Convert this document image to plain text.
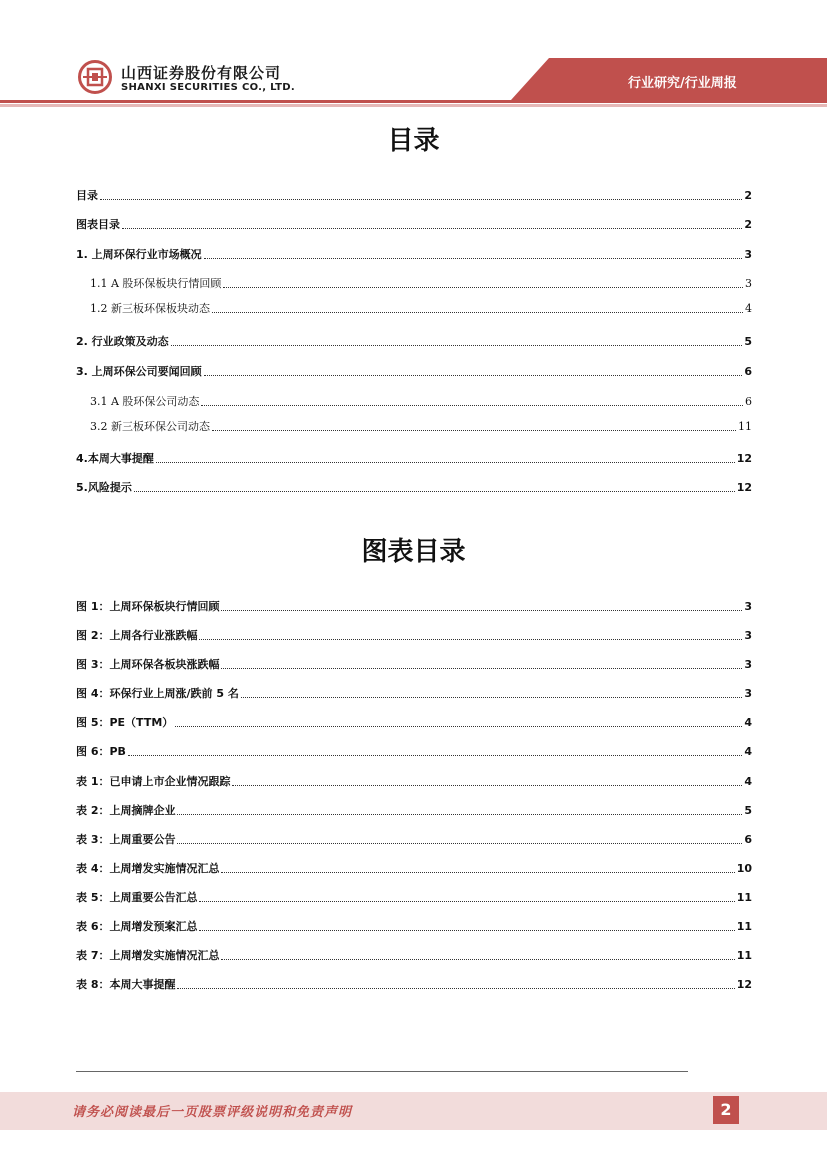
山西证券股份有限公司
SHANXI SECURITIES CO., LTD.	行业研究/行业周报
目录
目录	2
图表目录	2
1. 上周环保行业市场概况	3
1.1 A 股环保板块行情回顾	3
1.2 新三板环保板块动态	4
2. 行业政策及动态	5
3. 上周环保公司要闻回顾	6
3.1 A 股环保公司动态	6
3.2 新三板环保公司动态	11
4.本周大事提醒	12
5.风险提示	12
图表目录
图 1：上周环保板块行情回顾	3
图 2：上周各行业涨跌幅	3
图 3：上周环保各板块涨跌幅	3
图 4：环保行业上周涨/跌前 5 名	3
图 5：PE（TTM）	4
图 6：PB	4
表 1：已申请上市企业情况跟踪	4
表 2：上周摘牌企业	5
表 3：上周重要公告	6
表 4：上周增发实施情况汇总	10
表 5：上周重要公告汇总	11
表 6：上周增发预案汇总	11
表 7：上周增发实施情况汇总	11
表 8：本周大事提醒	12
请务必阅读最后一页股票评级说明和免责声明	2
